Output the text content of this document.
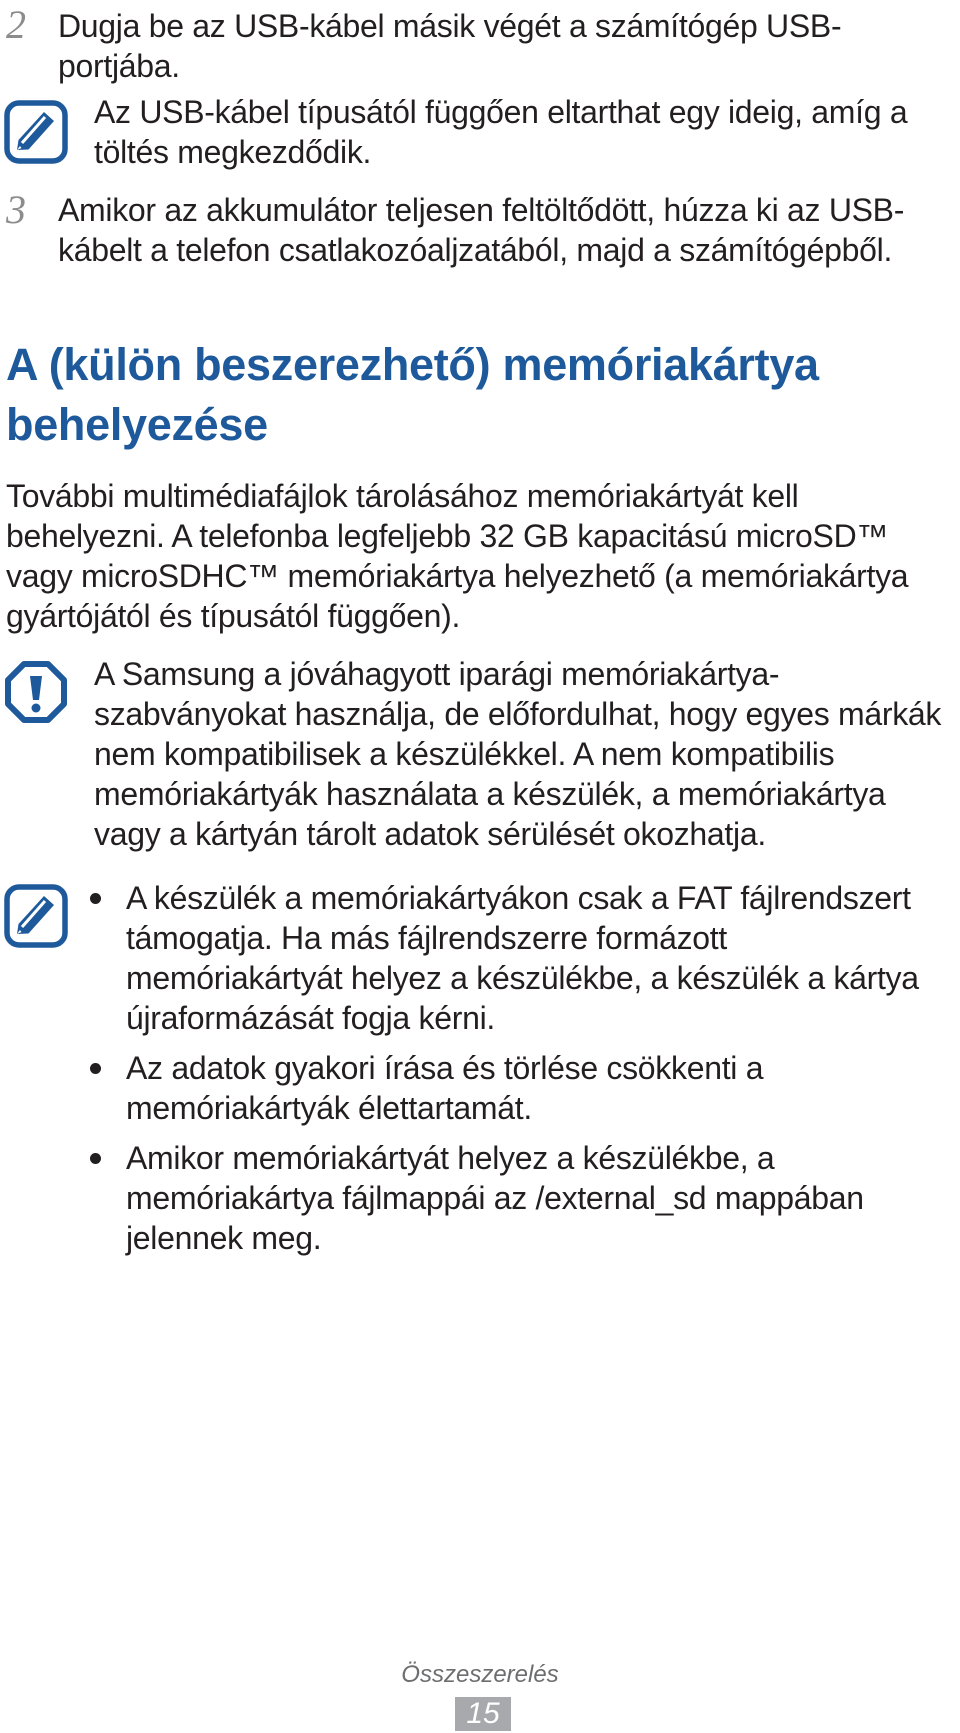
2 Dugja be az USB-kábel másik végét a számítógép USB-
portjába.
Az USB-kábel típusától függően eltarthat egy ideig, amíg a
töltés megkezdődik.
3 Amikor az akkumulátor teljesen feltöltődött, húzza ki az USB-
kábelt a telefon csatlakozóaljzatából, majd a számítógépből.
A (külön beszerezhető) memóriakártya
behelyezése
További multimédiafájlok tárolásához memóriakártyát kell
behelyezni. A telefonba legfeljebb 32 GB kapacitású microSD™
vagy microSDHC™ memóriakártya helyezhető (a memóriakártya
gyártójától és típusától függően).
A Samsung a jóváhagyott iparági memóriakártya-
szabványokat használja, de előfordulhat, hogy egyes márkák
nem kompatibilisek a készülékkel. A nem kompatibilis
memóriakártyák használata a készülék, a memóriakártya
vagy a kártyán tárolt adatok sérülését okozhatja.
A készülék a memóriakártyákon csak a FAT fájlrendszert
támogatja. Ha más fájlrendszerre formázott
memóriakártyát helyez a készülékbe, a készülék a kártya
újraformázását fogja kérni.
Az adatok gyakori írása és törlése csökkenti a
memóriakártyák élettartamát.
Amikor memóriakártyát helyez a készülékbe, a
memóriakártya fájlmappái az /external_sd mappában
jelennek meg.
Összeszerelés
15
